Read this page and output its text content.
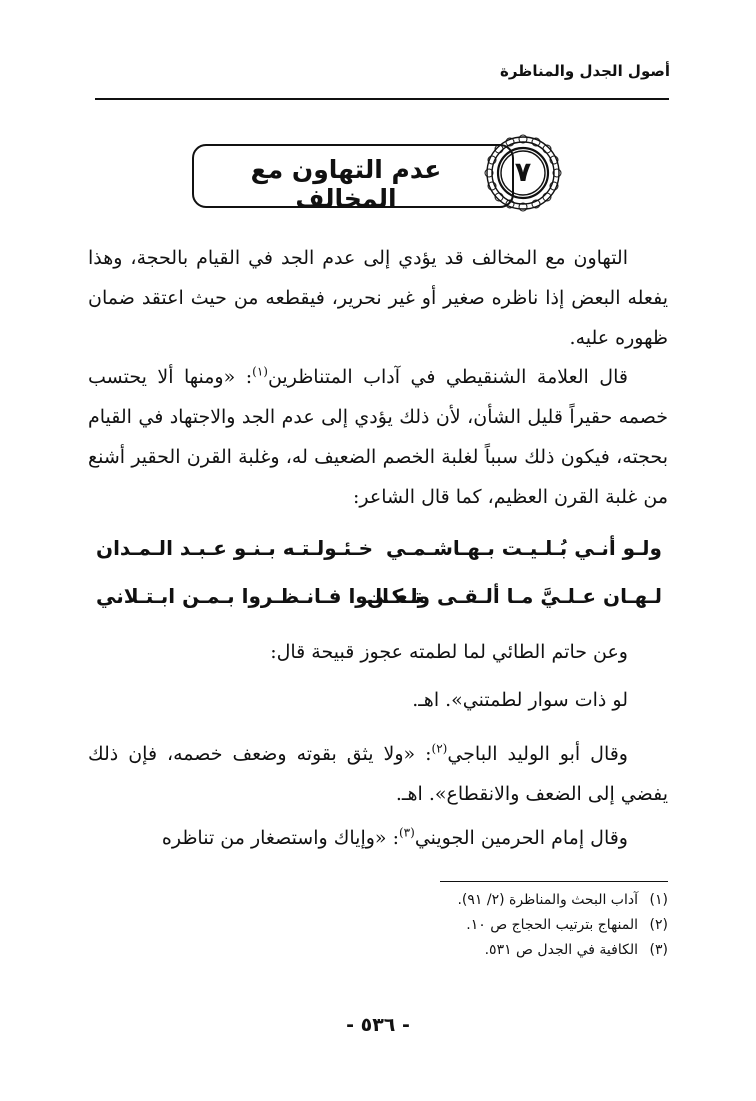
أصول الجدل والمناظرة
عدم التهاون مع المخالف
٧

التهاون مع المخالف قد يؤدي إلى عدم الجد في القيام بالحجة، وهذا يفعله البعض إذا ناظره صغير أو غير نحرير، فيقطعه من حيث اعتقد ضمان ظهوره عليه.

قال العلامة الشنقيطي في آداب المتناظرين$^{(١)}$: «ومنها ألا يحتسب خصمه حقيراً قليل الشأن، لأن ذلك يؤدي إلى عدم الجد والاجتهاد في القيام بحجته، فيكون ذلك سبباً لغلبة الخصم الضعيف له، وغلبة القرن الحقير أشنع من غلبة القرن العظيم، كما قال الشاعر:

ولـو أنـي بُـلـيـت بـهـاشـمـي
خـئـولـتـه بـنـو عـبـد الـمـدان
لـهـان عـلـيَّ مـا ألـقـى ولـكـن
تـعـالـوا فـانـظـروا بـمـن ابـتـلاني

وعن حاتم الطائي لما لطمته عجوز قبيحة قال:

لو ذات سوار لطمتني». اهـ.

وقال أبو الوليد الباجي$^{(٢)}$: «ولا يثق بقوته وضعف خصمه، فإن ذلك يفضي إلى الضعف والانقطاع». اهـ.

وقال إمام الحرمين الجويني$^{(٣)}$: «وإياك واستصغار من تناظره

(١)
آداب البحث والمناظرة (٢/ ٩١).
(٢)
المنهاج بترتيب الحجاج ص ١٠.
(٣)
الكافية في الجدل ص ٥٣١.
- ٥٣٦ -
